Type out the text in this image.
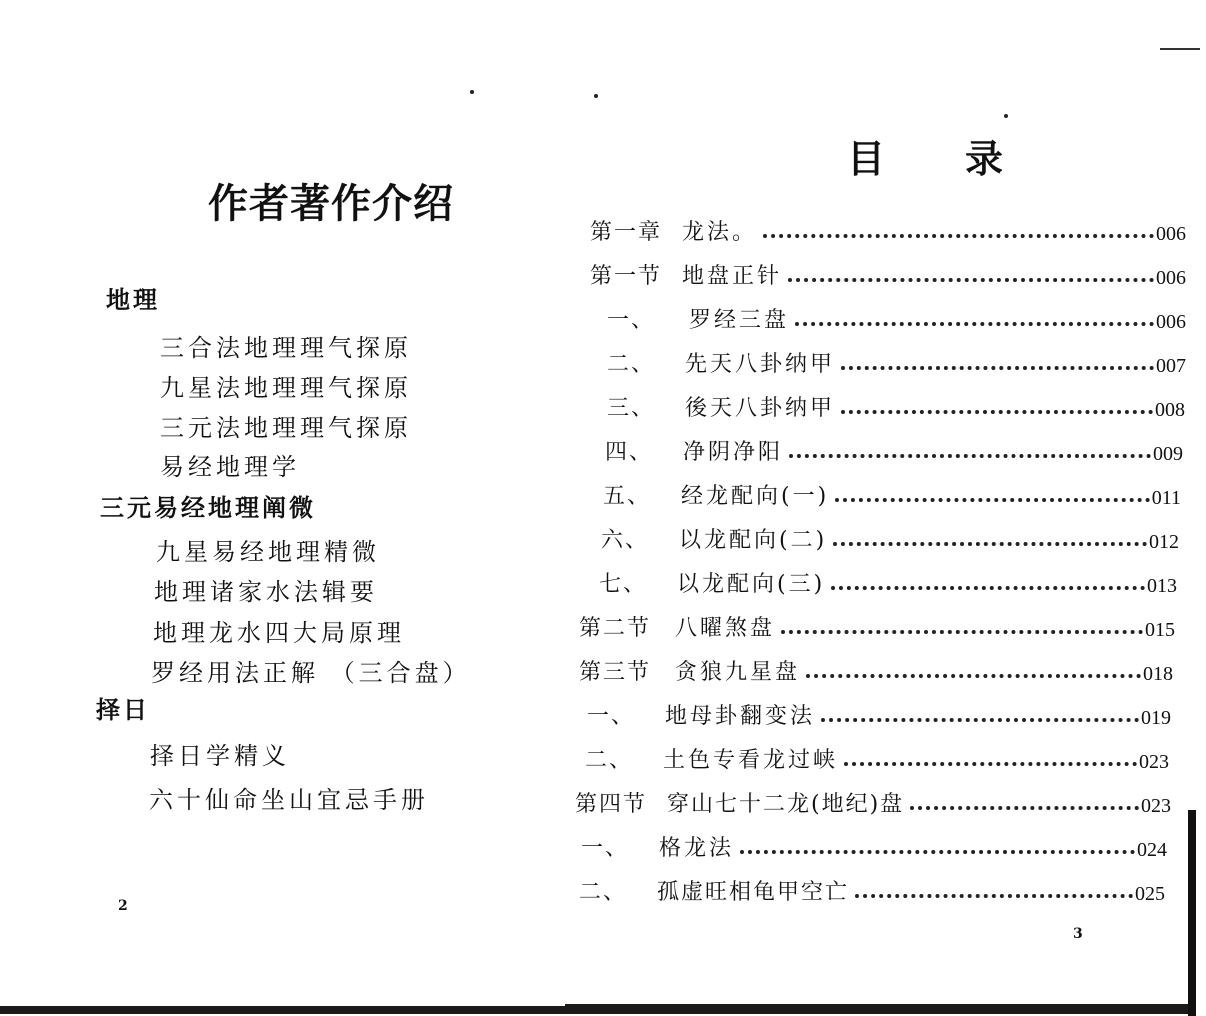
作者著作介绍
地理
三合法地理理气探原
九星法地理理气探原
三元法地理理气探原
易经地理学
三元易经地理阐微
九星易经地理精微
地理诸家水法辑要
地理龙水四大局原理
罗经用法正解 （三合盘）
择日
择日学精义
六十仙命坐山宜忌手册
2
目录
第一章 龙法。	006
第一节 地盘正针	006
一、	罗经三盘	006
二、	先天八卦纳甲	007
三、	後天八卦纳甲	008
四、	净阴净阳	009
五、	经龙配向(一)	011
六、	以龙配向(二)	012
七、	以龙配向(三)	013
第二节	八曜煞盘	015
第三节	贪狼九星盘	018
一、	地母卦翻变法	019
二、	土色专看龙过峡	023
第四节 穿山七十二龙(地纪)盘	023
一、	格龙法	024
二、	孤虚旺相龟甲空亡	025
3
